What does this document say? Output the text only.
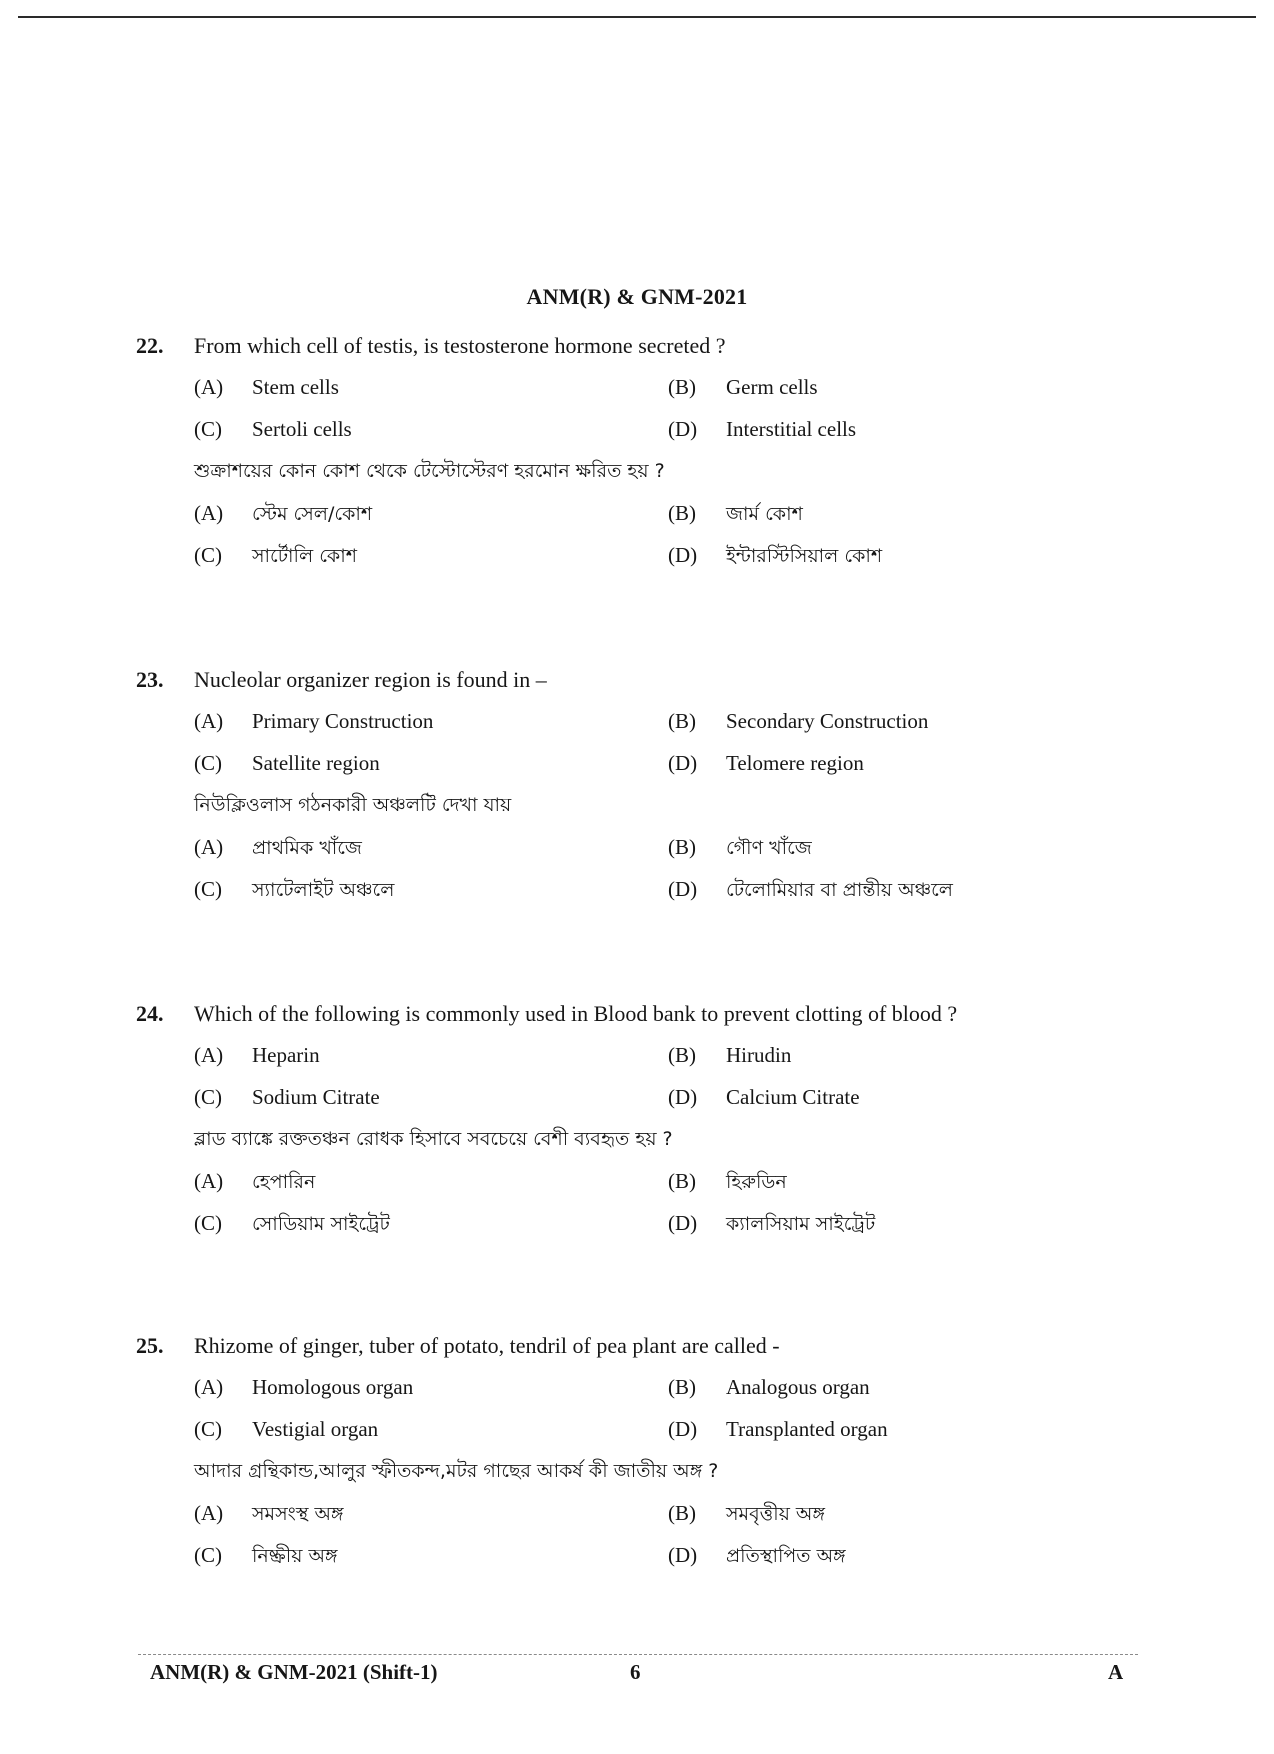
ANM(R) & GNM-2021
22. From which cell of testis, is testosterone hormone secreted ?
(A) Stem cells	(B) Germ cells
(C) Sertoli cells	(D) Interstitial cells
শুক্রাশয়ের কোন কোশ থেকে টেস্টোস্টেরণ হরমোন ক্ষরিত হয় ?
(A) স্টেম সেল/কোশ	(B) জার্ম কোশ
(C) সার্টোলি কোশ	(D) ইন্টারস্টিসিয়াল কোশ
23. Nucleolar organizer region is found in –
(A) Primary Construction	(B) Secondary Construction
(C) Satellite region	(D) Telomere region
নিউক্লিওলাস গঠনকারী অঞ্চলটি দেখা যায়
(A) প্রাথমিক খাঁজে	(B) গৌণ খাঁজে
(C) স্যাটেলাইট অঞ্চলে	(D) টেলোমিয়ার বা প্রান্তীয় অঞ্চলে
24. Which of the following is commonly used in Blood bank to prevent clotting of blood ?
(A) Heparin	(B) Hirudin
(C) Sodium Citrate	(D) Calcium Citrate
ব্লাড ব্যাঙ্কে রক্ততঞ্চন রোধক হিসাবে সবচেয়ে বেশী ব্যবহৃত হয় ?
(A) হেপারিন	(B) হিরুডিন
(C) সোডিয়াম সাইট্রেট	(D) ক্যালসিয়াম সাইট্রেট
25. Rhizome of ginger, tuber of potato, tendril of pea plant are called -
(A) Homologous organ	(B) Analogous organ
(C) Vestigial organ	(D) Transplanted organ
আদার গ্রন্থিকান্ড,আলুর স্ফীতকন্দ,মটর গাছের আকর্ষ কী জাতীয় অঙ্গ ?
(A) সমসংস্থ অঙ্গ	(B) সমবৃত্তীয় অঙ্গ
(C) নিষ্ক্রীয় অঙ্গ	(D) প্রতিস্থাপিত অঙ্গ
ANM(R) & GNM-2021 (Shift-1)	6	A
